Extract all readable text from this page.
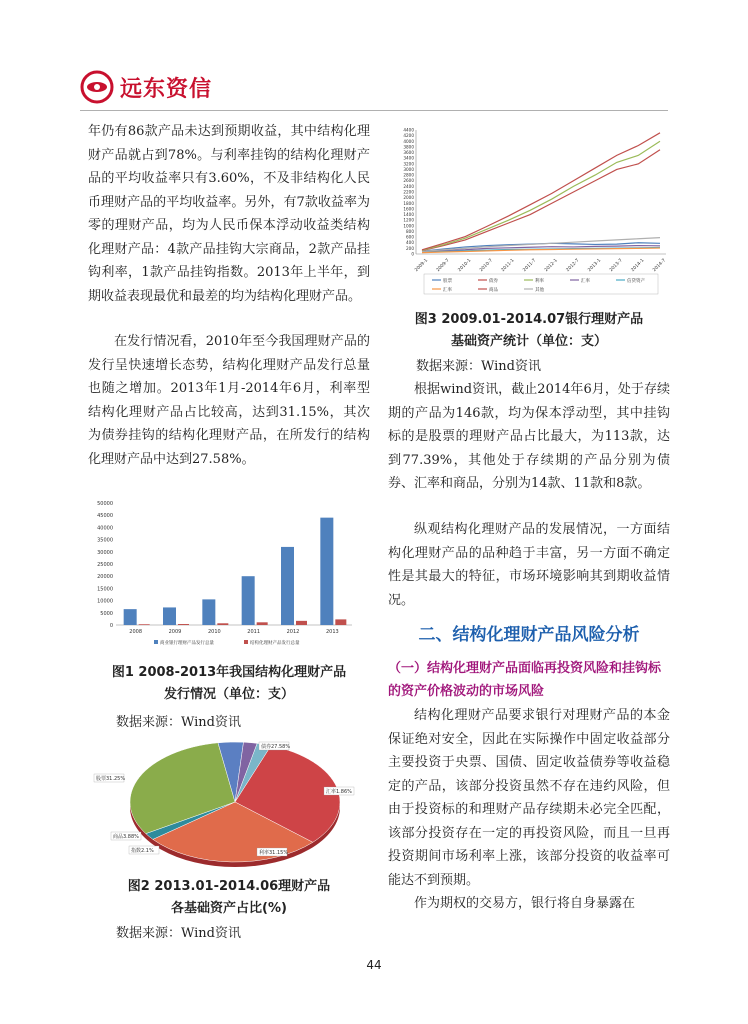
远东资信

年仍有86款产品未达到预期收益，其中结构化理财产品就占到78%。与利率挂钩的结构化理财产品的平均收益率只有3.60%，不及非结构化人民币理财产品的平均收益率。另外，有7款收益率为零的理财产品，均为人民币保本浮动收益类结构化理财产品：4款产品挂钩大宗商品，2款产品挂钩利率，1款产品挂钩指数。2013年上半年，到期收益表现最优和最差的均为结构化理财产品。

在发行情况看，2010年至今我国理财产品的发行呈快速增长态势，结构化理财产品发行总量也随之增加。2013年1月-2014年6月，利率型结构化理财产品占比较高，达到31.15%，其次为债券挂钩的结构化理财产品，在所发行的结构化理财产品中达到27.58%。

50000
45000
40000
35000
30000
25000
20000
15000
10000
5000
0
2008	2009	2010	2011	2012	2013
商业银行理财产品发行总量	结构化理财产品发行总量
图1 2008-2013年我国结构化理财产品
发行情况（单位：支）
数据来源：Wind资讯
利率31.15%
债券27.58%
汇率1.86%
股票31.25%
商品3.88%
指数2.1%
图2 2013.01-2014.06理财产品
各基础资产占比(%)
数据来源：Wind资讯
4400
4200
4000
3800
3600
3400
3200
3000
2800
2600
2400
2200
2000
1800
1600
1400
1200
1000
800
600
400
200
0
2009-1 2009-7 2010-1 2010-7 2011-1 2011-7 2012-1 2012-7 2013-1 2013-7 2014-1 2014-7
股票	债券	利率	汇率	信贷资产
汇率	商品	其他
图3 2009.01-2014.07银行理财产品
基础资产统计（单位：支）
数据来源：Wind资讯

根据wind资讯，截止2014年6月，处于存续期的产品为146款，均为保本浮动型，其中挂钩标的是股票的理财产品占比最大，为113款，达到77.39%，其他处于存续期的产品分别为债券、汇率和商品，分别为14款、11款和8款。

纵观结构化理财产品的发展情况，一方面结构化理财产品的品种趋于丰富，另一方面不确定性是其最大的特征，市场环境影响其到期收益情况。

二、结构化理财产品风险分析
（一）结构化理财产品面临再投资风险和挂钩标的资产价格波动的市场风险

结构化理财产品要求银行对理财产品的本金保证绝对安全，因此在实际操作中固定收益部分主要投资于央票、国债、固定收益债券等收益稳定的产品，该部分投资虽然不存在违约风险，但由于投资标的和理财产品存续期未必完全匹配，该部分投资存在一定的再投资风险，而且一旦再投资期间市场利率上涨，该部分投资的收益率可能达不到预期。

作为期权的交易方，银行将自身暴露在

44
